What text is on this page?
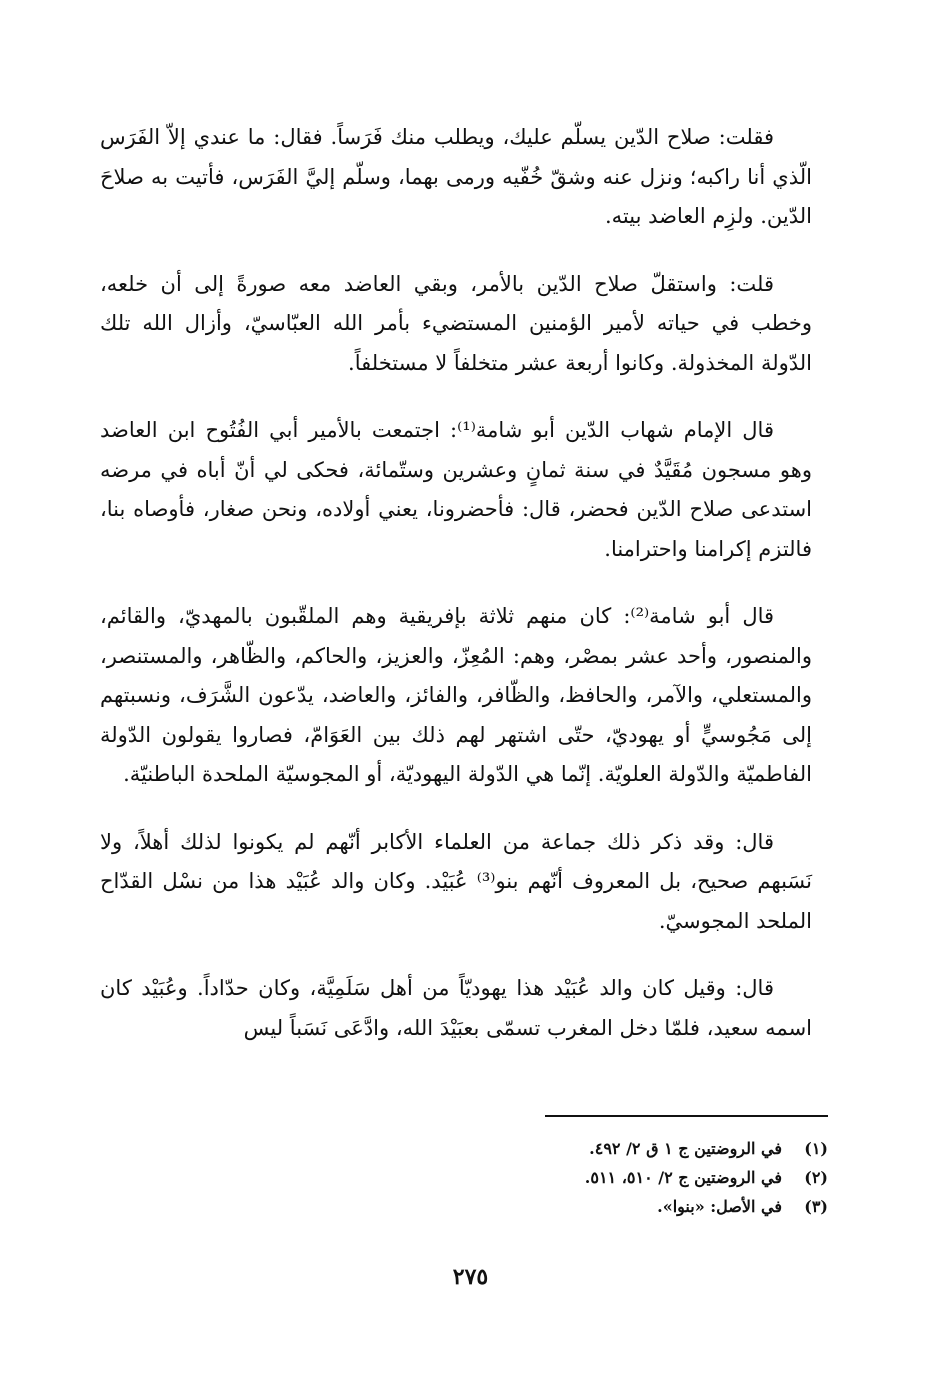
فقلت: صلاح الدّين يسلّم عليك، ويطلب منك فَرَساً. فقال: ما عندي إلاّ الفَرَس الّذي أنا راكبه؛ ونزل عنه وشقّ خُفّيه ورمى بهما، وسلّم إليَّ الفَرَس، فأتيت به صلاحَ الدّين. ولزِم العاضد بيته.

قلت: واستقلّ صلاح الدّين بالأمر، وبقي العاضد معه صورةً إلى أن خلعه، وخطب في حياته لأمير الؤمنين المستضيء بأمر الله العبّاسيّ، وأزال الله تلك الدّولة المخذولة. وكانوا أربعة عشر متخلفاً لا مستخلفاً.

قال الإمام شهاب الدّين أبو شامة⁽¹⁾: اجتمعت بالأمير أبي الفُتُوح ابن العاضد وهو مسجون مُقَيَّدٌ في سنة ثمانٍ وعشرين وستّمائة، فحكى لي أنّ أباه في مرضه استدعى صلاح الدّين فحضر، قال: فأحضرونا، يعني أولاده، ونحن صغار، فأوصاه بنا، فالتزم إكرامنا واحترامنا.

قال أبو شامة⁽²⁾: كان منهم ثلاثة بإفريقية وهم الملقّبون بالمهديّ، والقائم، والمنصور، وأحد عشر بمصْر، وهم: المُعِزّ، والعزيز، والحاكم، والظّاهر، والمستنصر، والمستعلي، والآمر، والحافظ، والظّافر، والفائز، والعاضد، يدّعون الشَّرَف، ونسبتهم إلى مَجُوسيٍّ أو يهوديّ، حتّى اشتهر لهم ذلك بين العَوَامّ، فصاروا يقولون الدّولة الفاطميّة والدّولة العلويّة. إنّما هي الدّولة اليهوديّة، أو المجوسيّة الملحدة الباطنيّة.

قال: وقد ذكر ذلك جماعة من العلماء الأكابر أنّهم لم يكونوا لذلك أهلاً، ولا نَسَبهم صحيح، بل المعروف أنّهم بنو⁽³⁾ عُبَيْد. وكان والد عُبَيْد هذا من نسْل القدّاح الملحد المجوسيّ.

قال: وقيل كان والد عُبَيْد هذا يهوديّاً من أهل سَلَمِيَّة، وكان حدّاداً. وعُبَيْد كان اسمه سعيد، فلمّا دخل المغرب تسمّى بعبَيْدَ الله، وادَّعَى نَسَباً ليس

(١)
في الروضتين ج ١ ق ٢/ ٤٩٢.
(٢)
في الروضتين ج ٢/ ٥١٠، ٥١١.
(٣)
في الأصل: «بنوا».
٢٧٥
